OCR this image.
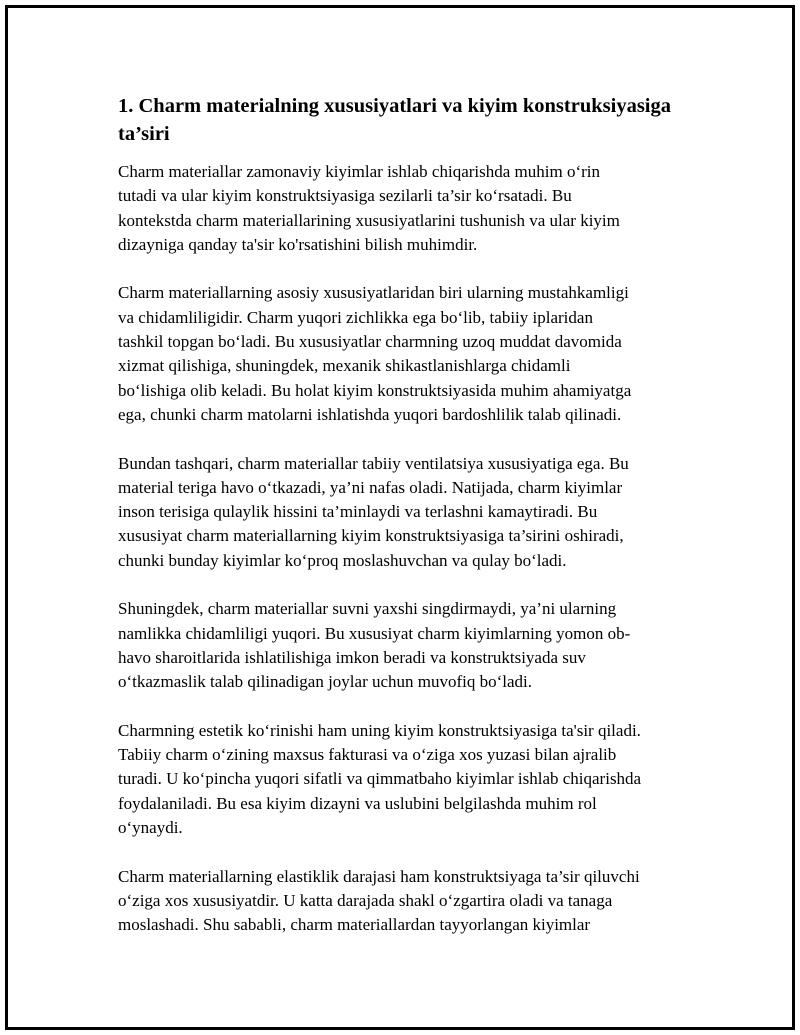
1. Charm materialning xususiyatlari va kiyim konstruksiyasiga ta’siri

Charm materiallar zamonaviy kiyimlar ishlab chiqarishda muhim o‘rin
tutadi va ular kiyim konstruktsiyasiga sezilarli ta’sir ko‘rsatadi. Bu
kontekstda charm materiallarining xususiyatlarini tushunish va ular kiyim
dizayniga qanday ta'sir ko'rsatishini bilish muhimdir.

Charm materiallarning asosiy xususiyatlaridan biri ularning mustahkamligi
va chidamliligidir. Charm yuqori zichlikka ega bo‘lib, tabiiy iplaridan
tashkil topgan bo‘ladi. Bu xususiyatlar charmning uzoq muddat davomida
xizmat qilishiga, shuningdek, mexanik shikastlanishlarga chidamli
bo‘lishiga olib keladi. Bu holat kiyim konstruktsiyasida muhim ahamiyatga
ega, chunki charm matolarni ishlatishda yuqori bardoshlilik talab qilinadi.

Bundan tashqari, charm materiallar tabiiy ventilatsiya xususiyatiga ega. Bu
material teriga havo o‘tkazadi, ya’ni nafas oladi. Natijada, charm kiyimlar
inson terisiga qulaylik hissini ta’minlaydi va terlashni kamaytiradi. Bu
xususiyat charm materiallarning kiyim konstruktsiyasiga ta’sirini oshiradi,
chunki bunday kiyimlar ko‘proq moslashuvchan va qulay bo‘ladi.

Shuningdek, charm materiallar suvni yaxshi singdirmaydi, ya’ni ularning
namlikka chidamliligi yuqori. Bu xususiyat charm kiyimlarning yomon ob-
havo sharoitlarida ishlatilishiga imkon beradi va konstruktsiyada suv
o‘tkazmaslik talab qilinadigan joylar uchun muvofiq bo‘ladi.

Charmning estetik ko‘rinishi ham uning kiyim konstruktsiyasiga ta'sir qiladi.
Tabiiy charm o‘zining maxsus fakturasi va o‘ziga xos yuzasi bilan ajralib
turadi. U ko‘pincha yuqori sifatli va qimmatbaho kiyimlar ishlab chiqarishda
foydalaniladi. Bu esa kiyim dizayni va uslubini belgilashda muhim rol
o‘ynaydi.

Charm materiallarning elastiklik darajasi ham konstruktsiyaga ta’sir qiluvchi
o‘ziga xos xususiyatdir. U katta darajada shakl o‘zgartira oladi va tanaga
moslashadi. Shu sababli, charm materiallardan tayyorlangan kiyimlar
